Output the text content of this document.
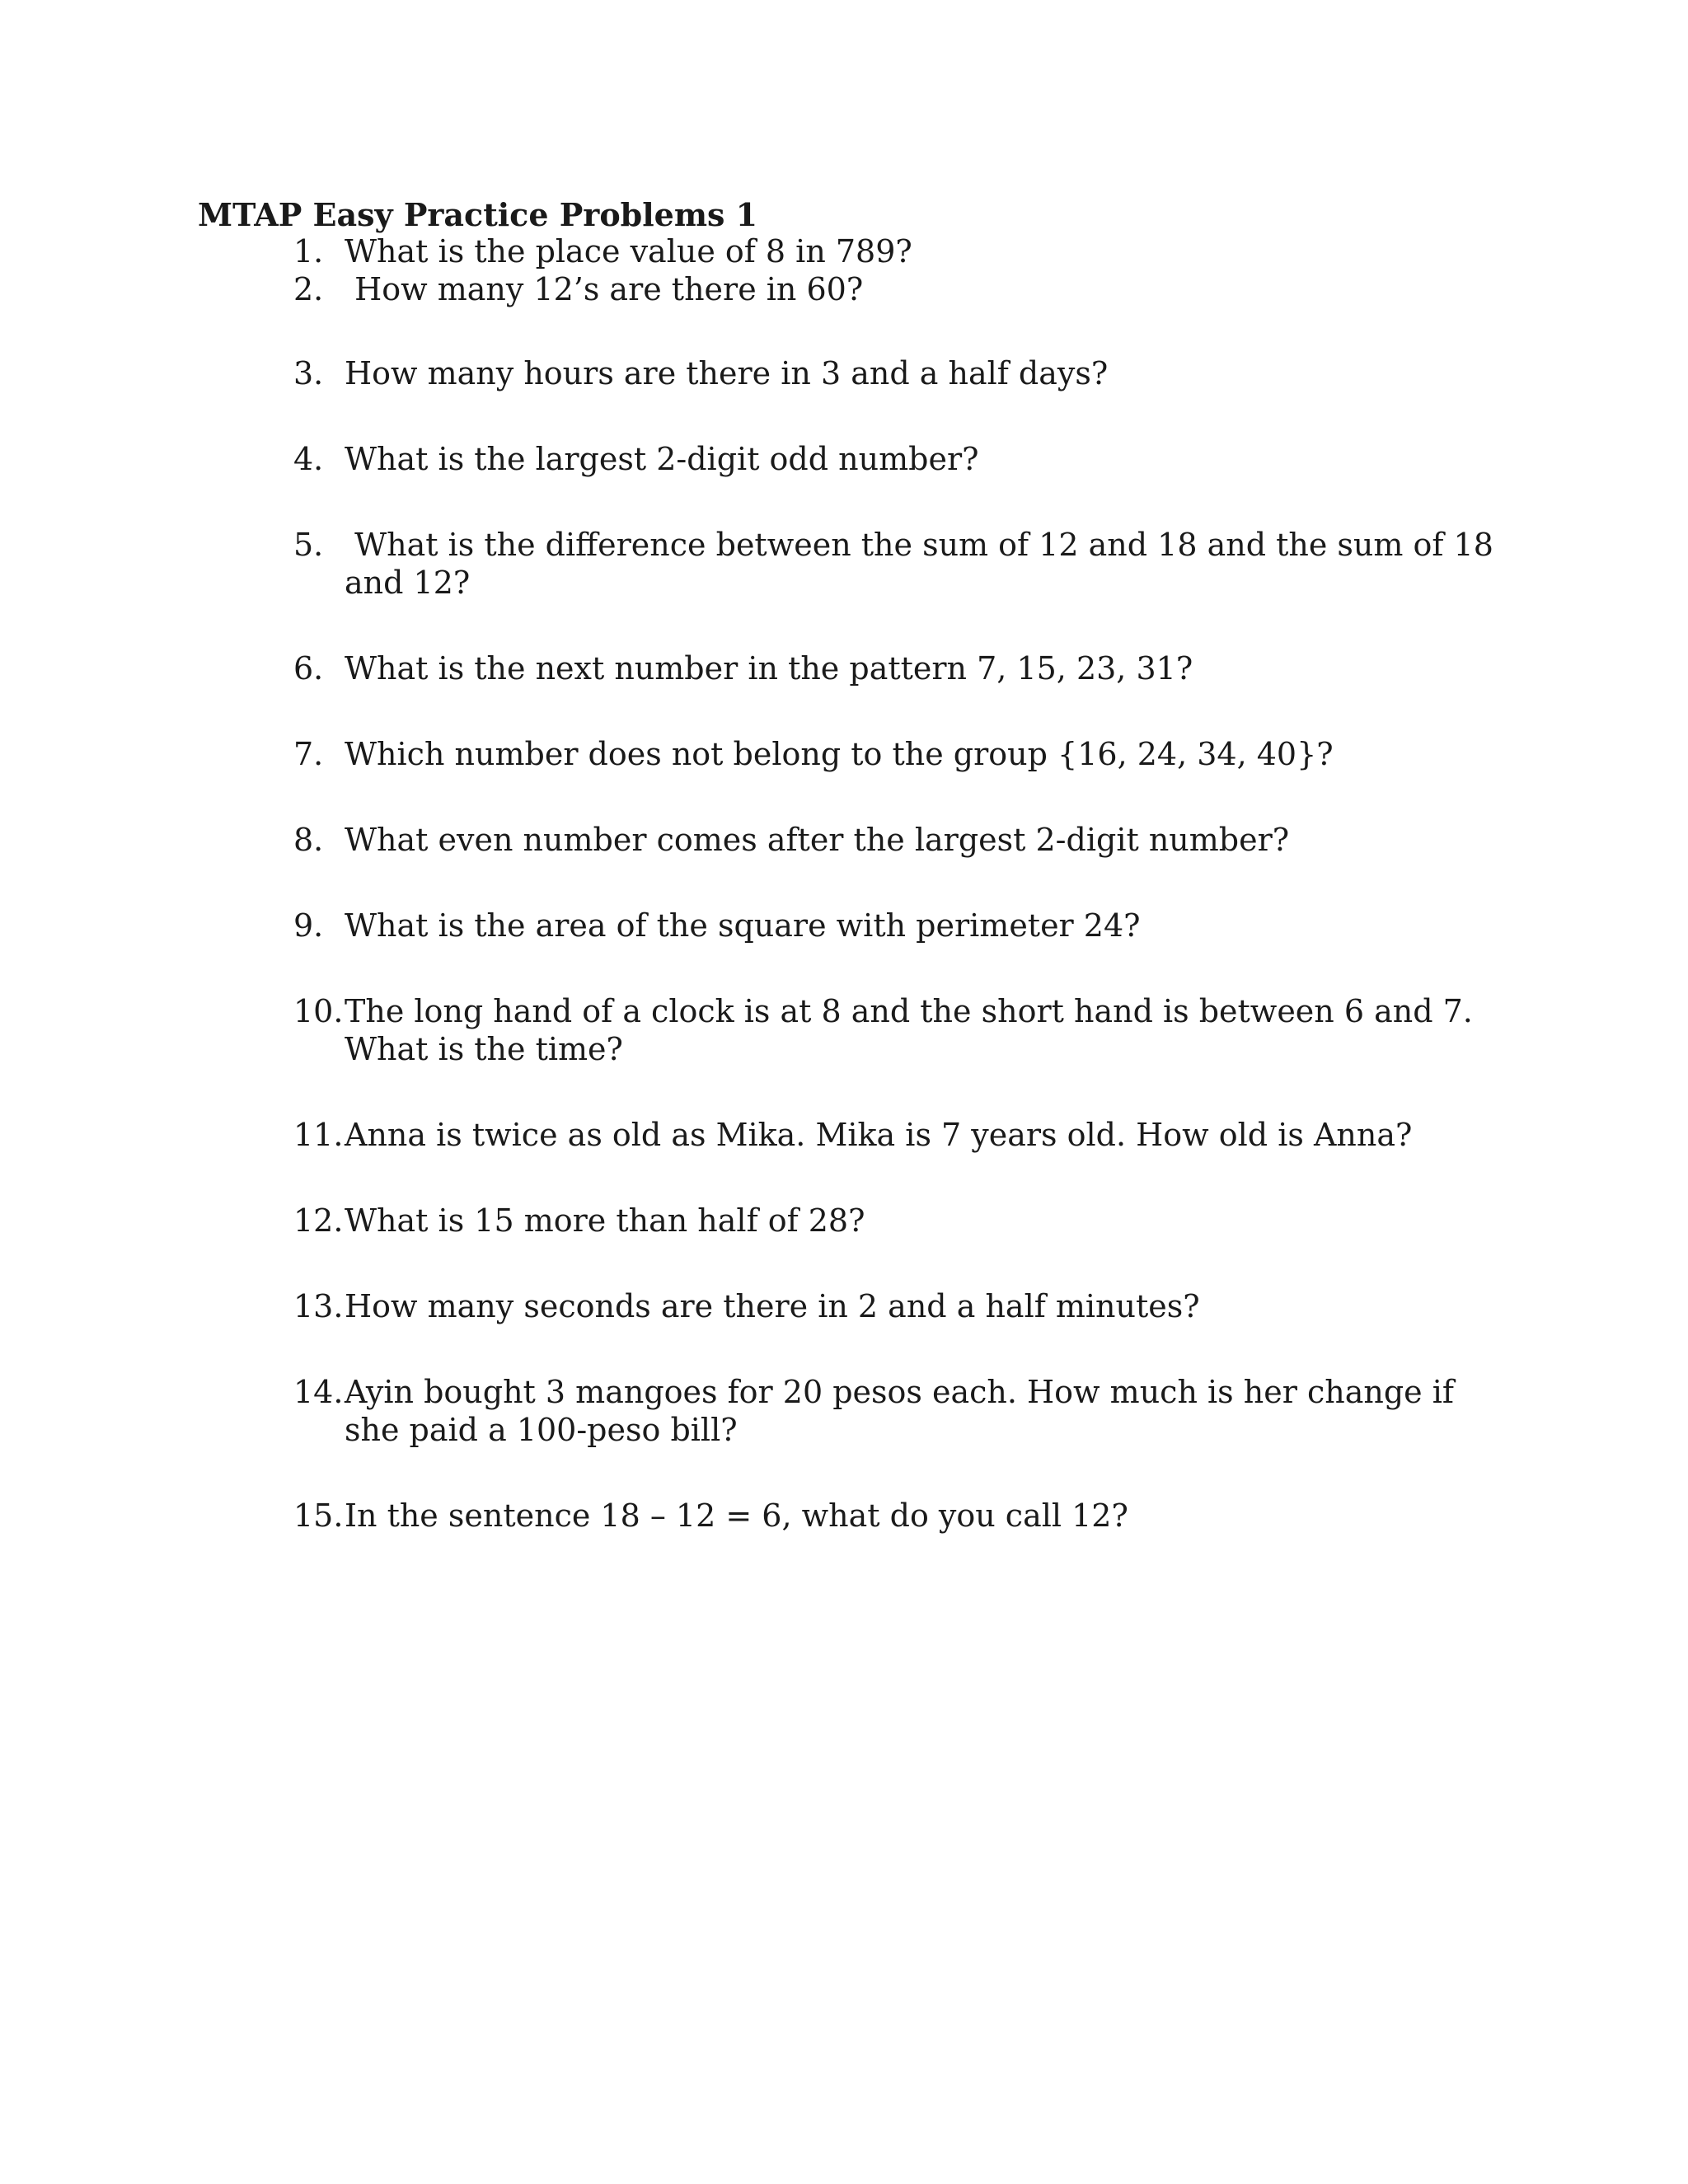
MTAP Easy Practice Problems 1
1. What is the place value of 8 in 789?
2. How many 12’s are there in 60?
3. How many hours are there in 3 and a half days?
4. What is the largest 2-digit odd number?
5. What is the difference between the sum of 12 and 18 and the sum of 18 and 12?
6. What is the next number in the pattern 7, 15, 23, 31?
7. Which number does not belong to the group {16, 24, 34, 40}?
8. What even number comes after the largest 2-digit number?
9. What is the area of the square with perimeter 24?
10. The long hand of a clock is at 8 and the short hand is between 6 and 7. What is the time?
11. Anna is twice as old as Mika. Mika is 7 years old. How old is Anna?
12. What is 15 more than half of 28?
13. How many seconds are there in 2 and a half minutes?
14. Ayin bought 3 mangoes for 20 pesos each. How much is her change if she paid a 100-peso bill?
15. In the sentence 18 – 12 = 6, what do you call 12?
